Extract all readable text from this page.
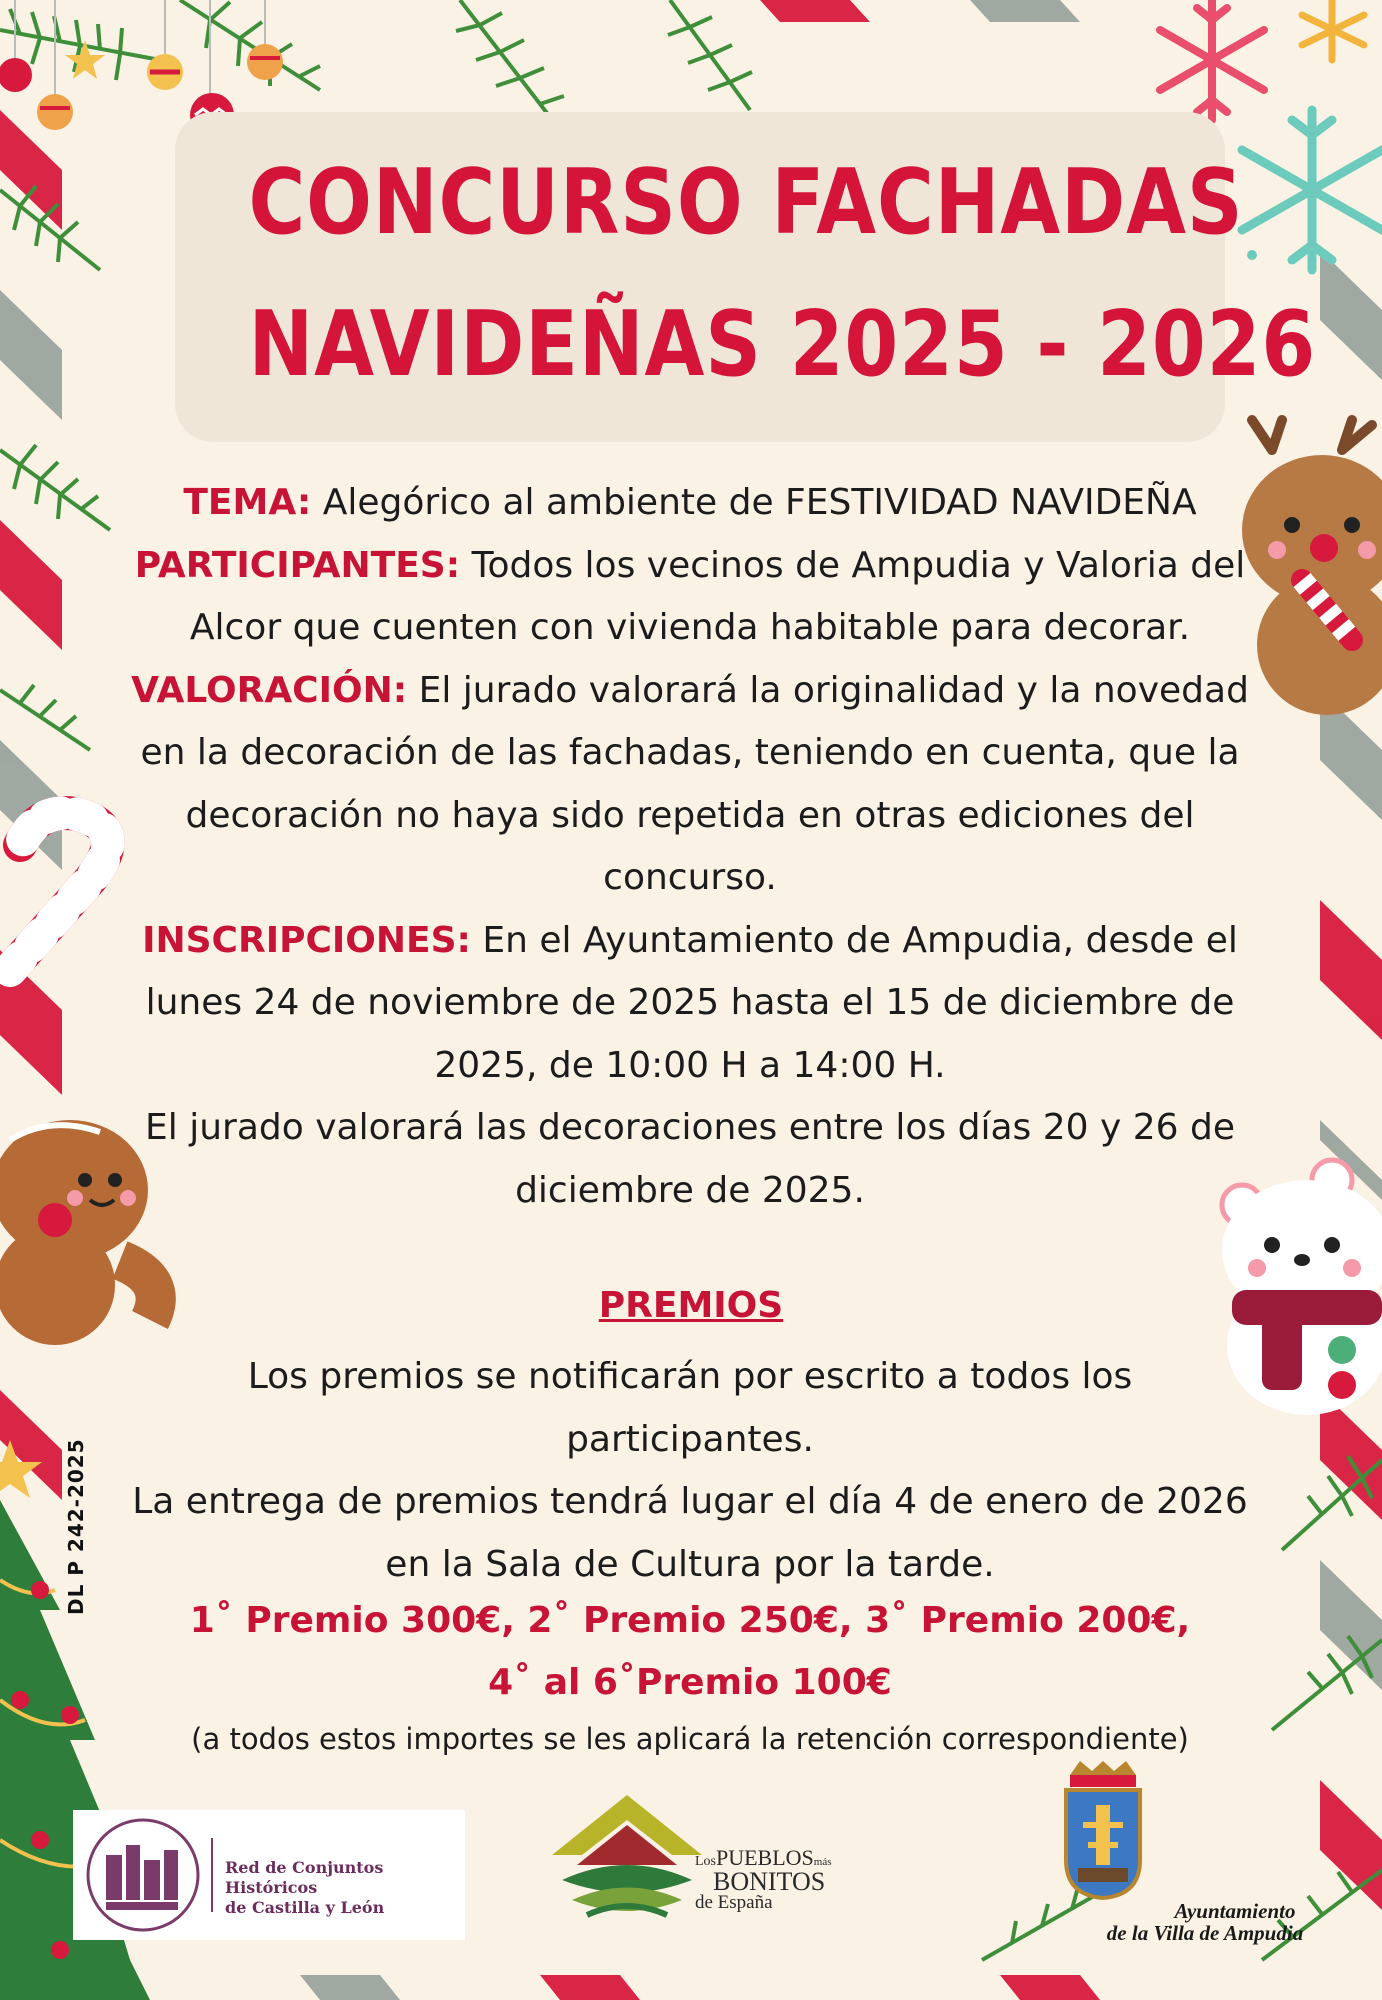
CONCURSO FACHADAS
NAVIDEÑAS 2025 - 2026
TEMA: Alegórico al ambiente de FESTIVIDAD NAVIDEÑA
PARTICIPANTES: Todos los vecinos de Ampudia y Valoria del
Alcor que cuenten con vivienda habitable para decorar.
VALORACIÓN: El jurado valorará la originalidad y la novedad
en la decoración de las fachadas, teniendo en cuenta, que la
decoración no haya sido repetida en otras ediciones del
concurso.
INSCRIPCIONES: En el Ayuntamiento de Ampudia, desde el
lunes 24 de noviembre de 2025 hasta el 15 de diciembre de
2025, de 10:00 H a 14:00 H.
El jurado valorará las decoraciones entre los días 20 y 26 de
diciembre de 2025.
PREMIOS
Los premios se notificarán por escrito a todos los participantes.
La entrega de premios tendrá lugar el día 4 de enero de 2026
en la Sala de Cultura por la tarde.
1˚ Premio 300€, 2˚ Premio 250€, 3˚ Premio 200€,
4˚ al 6˚Premio 100€
(a todos estos importes se les aplicará la retención correspondiente)
DL P 242-2025
Red de Conjuntos Históricos
de Castilla y León
LosPUEBLOSmás
BONITOS
de España	Ayuntamiento
de la Villa de Ampudia
